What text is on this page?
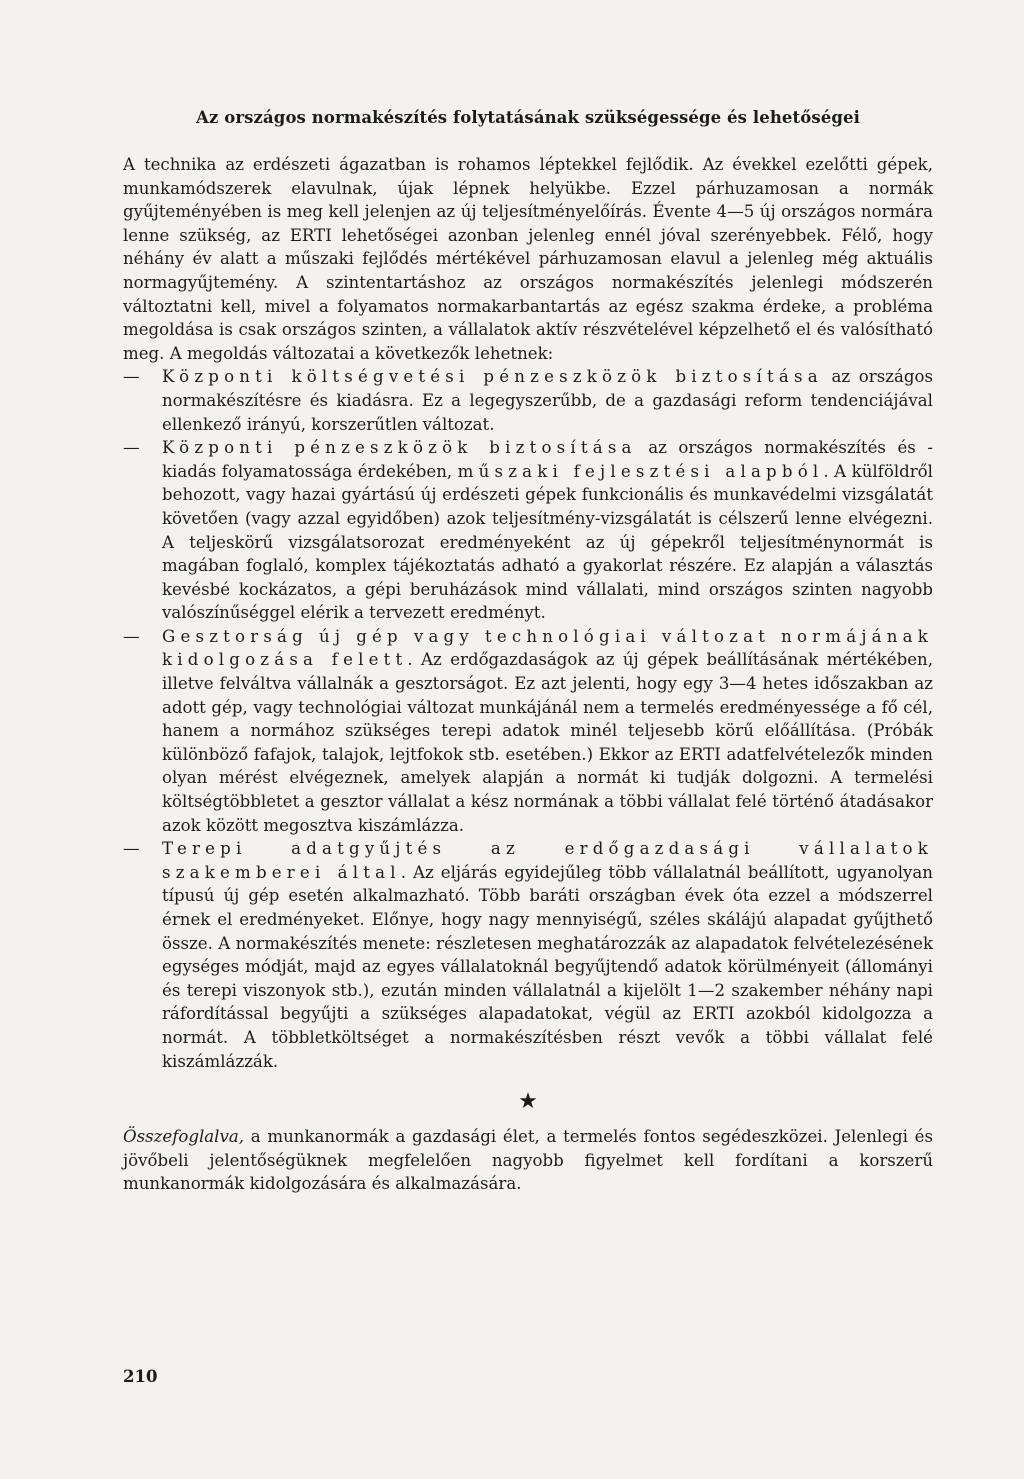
Az országos normakészítés folytatásának szükségessége és lehetőségei

A technika az erdészeti ágazatban is rohamos léptekkel fejlődik. Az évekkel ezelőtti gépek, munkamódszerek elavulnak, újak lépnek helyükbe. Ezzel párhuzamosan a normák gyűjteményében is meg kell jelenjen az új teljesítményelőírás. Évente 4—5 új országos normára lenne szükség, az ERTI lehetőségei azonban jelenleg ennél jóval szerényebbek. Félő, hogy néhány év alatt a műszaki fejlődés mértékével párhuzamosan elavul a jelenleg még aktuális normagyűjtemény. A szintentartáshoz az országos normakészítés jelenlegi módszerén változtatni kell, mivel a folyamatos normakarbantartás az egész szakma érdeke, a probléma megoldása is csak országos szinten, a vállalatok aktív részvételével képzelhető el és valósítható meg. A megoldás változatai a következők lehetnek:

— Központi költségvetési pénzeszközök biztosítása az országos normakészítésre és kiadásra. Ez a legegyszerűbb, de a gazdasági reform tendenciájával ellenkező irányú, korszerűtlen változat.

— Központi pénzeszközök biztosítása az országos normakészítés és -kiadás folyamatossága érdekében, műszaki fejlesztési alapból. A külföldről behozott, vagy hazai gyártású új erdészeti gépek funkcionális és munkavédelmi vizsgálatát követően (vagy azzal egyidőben) azok teljesítmény-vizsgálatát is célszerű lenne elvégezni. A teljeskörű vizsgálatsorozat eredményeként az új gépekről teljesítménynormát is magában foglaló, komplex tájékoztatás adható a gyakorlat részére. Ez alapján a választás kevésbé kockázatos, a gépi beruházások mind vállalati, mind országos szinten nagyobb valószínűséggel elérik a tervezett eredményt.

— Gesztorság új gép vagy technológiai változat normájának kidolgozása felett. Az erdőgazdaságok az új gépek beállításának mértékében, illetve felváltva vállalnák a gesztorságot. Ez azt jelenti, hogy egy 3—4 hetes időszakban az adott gép, vagy technológiai változat munkájánál nem a termelés eredményessége a fő cél, hanem a normához szükséges terepi adatok minél teljesebb körű előállítása. (Próbák különböző fafajok, talajok, lejtfokok stb. esetében.) Ekkor az ERTI adatfelvételezők minden olyan mérést elvégeznek, amelyek alapján a normát ki tudják dolgozni. A termelési költségtöbbletet a gesztor vállalat a kész normának a többi vállalat felé történő átadásakor azok között megosztva kiszámlázza.

— Terepi adatgyűjtés az erdőgazdasági vállalatok szakemberei által. Az eljárás egyidejűleg több vállalatnál beállított, ugyanolyan típusú új gép esetén alkalmazható. Több baráti országban évek óta ezzel a módszerrel érnek el eredményeket. Előnye, hogy nagy mennyiségű, széles skálájú alapadat gyűjthető össze. A normakészítés menete: részletesen meghatározzák az alapadatok felvételezésének egységes módját, majd az egyes vállalatoknál begyűjtendő adatok körülményeit (állományi és terepi viszonyok stb.), ezután minden vállalatnál a kijelölt 1—2 szakember néhány napi ráfordítással begyűjti a szükséges alapadatokat, végül az ERTI azokból kidolgozza a normát. A többletköltséget a normakészítésben részt vevők a többi vállalat felé kiszámlázzák.

★

Összefoglalva, a munkanormák a gazdasági élet, a termelés fontos segédeszközei. Jelenlegi és jövőbeli jelentőségüknek megfelelően nagyobb figyelmet kell fordítani a korszerű munkanormák kidolgozására és alkalmazására.

210
